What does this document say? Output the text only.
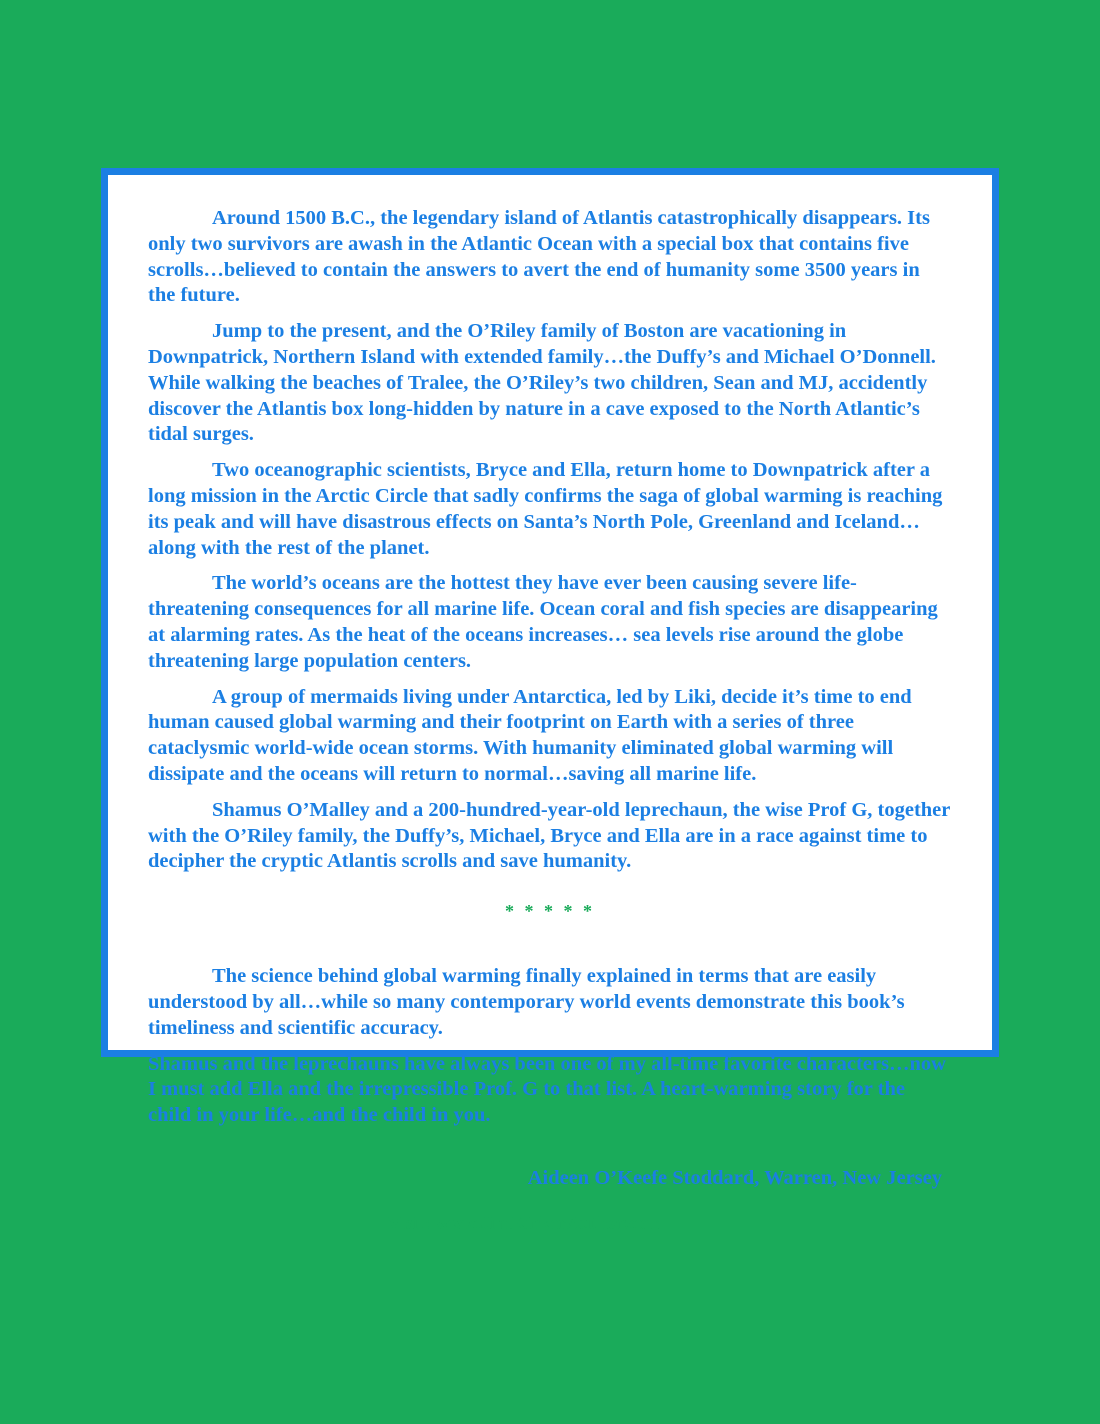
Around 1500 B.C., the legendary island of Atlantis catastrophically disappears. Its only two survivors are awash in the Atlantic Ocean with a special box that contains five scrolls…believed to contain the answers to avert the end of humanity some 3500 years in the future.

Jump to the present, and the O’Riley family of Boston are vacationing in Downpatrick, Northern Island with extended family…the Duffy’s and Michael O’Donnell. While walking the beaches of Tralee, the O’Riley’s two children, Sean and MJ, accidently discover the Atlantis box long-hidden by nature in a cave exposed to the North Atlantic’s tidal surges.

Two oceanographic scientists, Bryce and Ella, return home to Downpatrick after a long mission in the Arctic Circle that sadly confirms the saga of global warming is reaching its peak and will have disastrous effects on Santa’s North Pole, Greenland and Iceland…along with the rest of the planet.

The world’s oceans are the hottest they have ever been causing severe life-threatening consequences for all marine life. Ocean coral and fish species are disappearing at alarming rates. As the heat of the oceans increases… sea levels rise around the globe threatening large population centers.

A group of mermaids living under Antarctica, led by Liki, decide it’s time to end human caused global warming and their footprint on Earth with a series of three cataclysmic world-wide ocean storms. With humanity eliminated global warming will dissipate and the oceans will return to normal…saving all marine life.

Shamus O’Malley and a 200-hundred-year-old leprechaun, the wise Prof G, together with the O’Riley family, the Duffy’s, Michael, Bryce and Ella are in a race against time to decipher the cryptic Atlantis scrolls and save humanity.

* * * * *

The science behind global warming finally explained in terms that are easily understood by all…while so many contemporary world events demonstrate this book’s timeliness and scientific accuracy.

Shamus and the leprechauns have always been one of my all-time favorite characters…now I must add Ella and the irrepressible Prof. G to that list. A heart-warming story for the child in your life…and the child in you.

Aideen O’Keefe Stoddard, Warren, New Jersey
Visit: www.JimKirkerAuthor.com
